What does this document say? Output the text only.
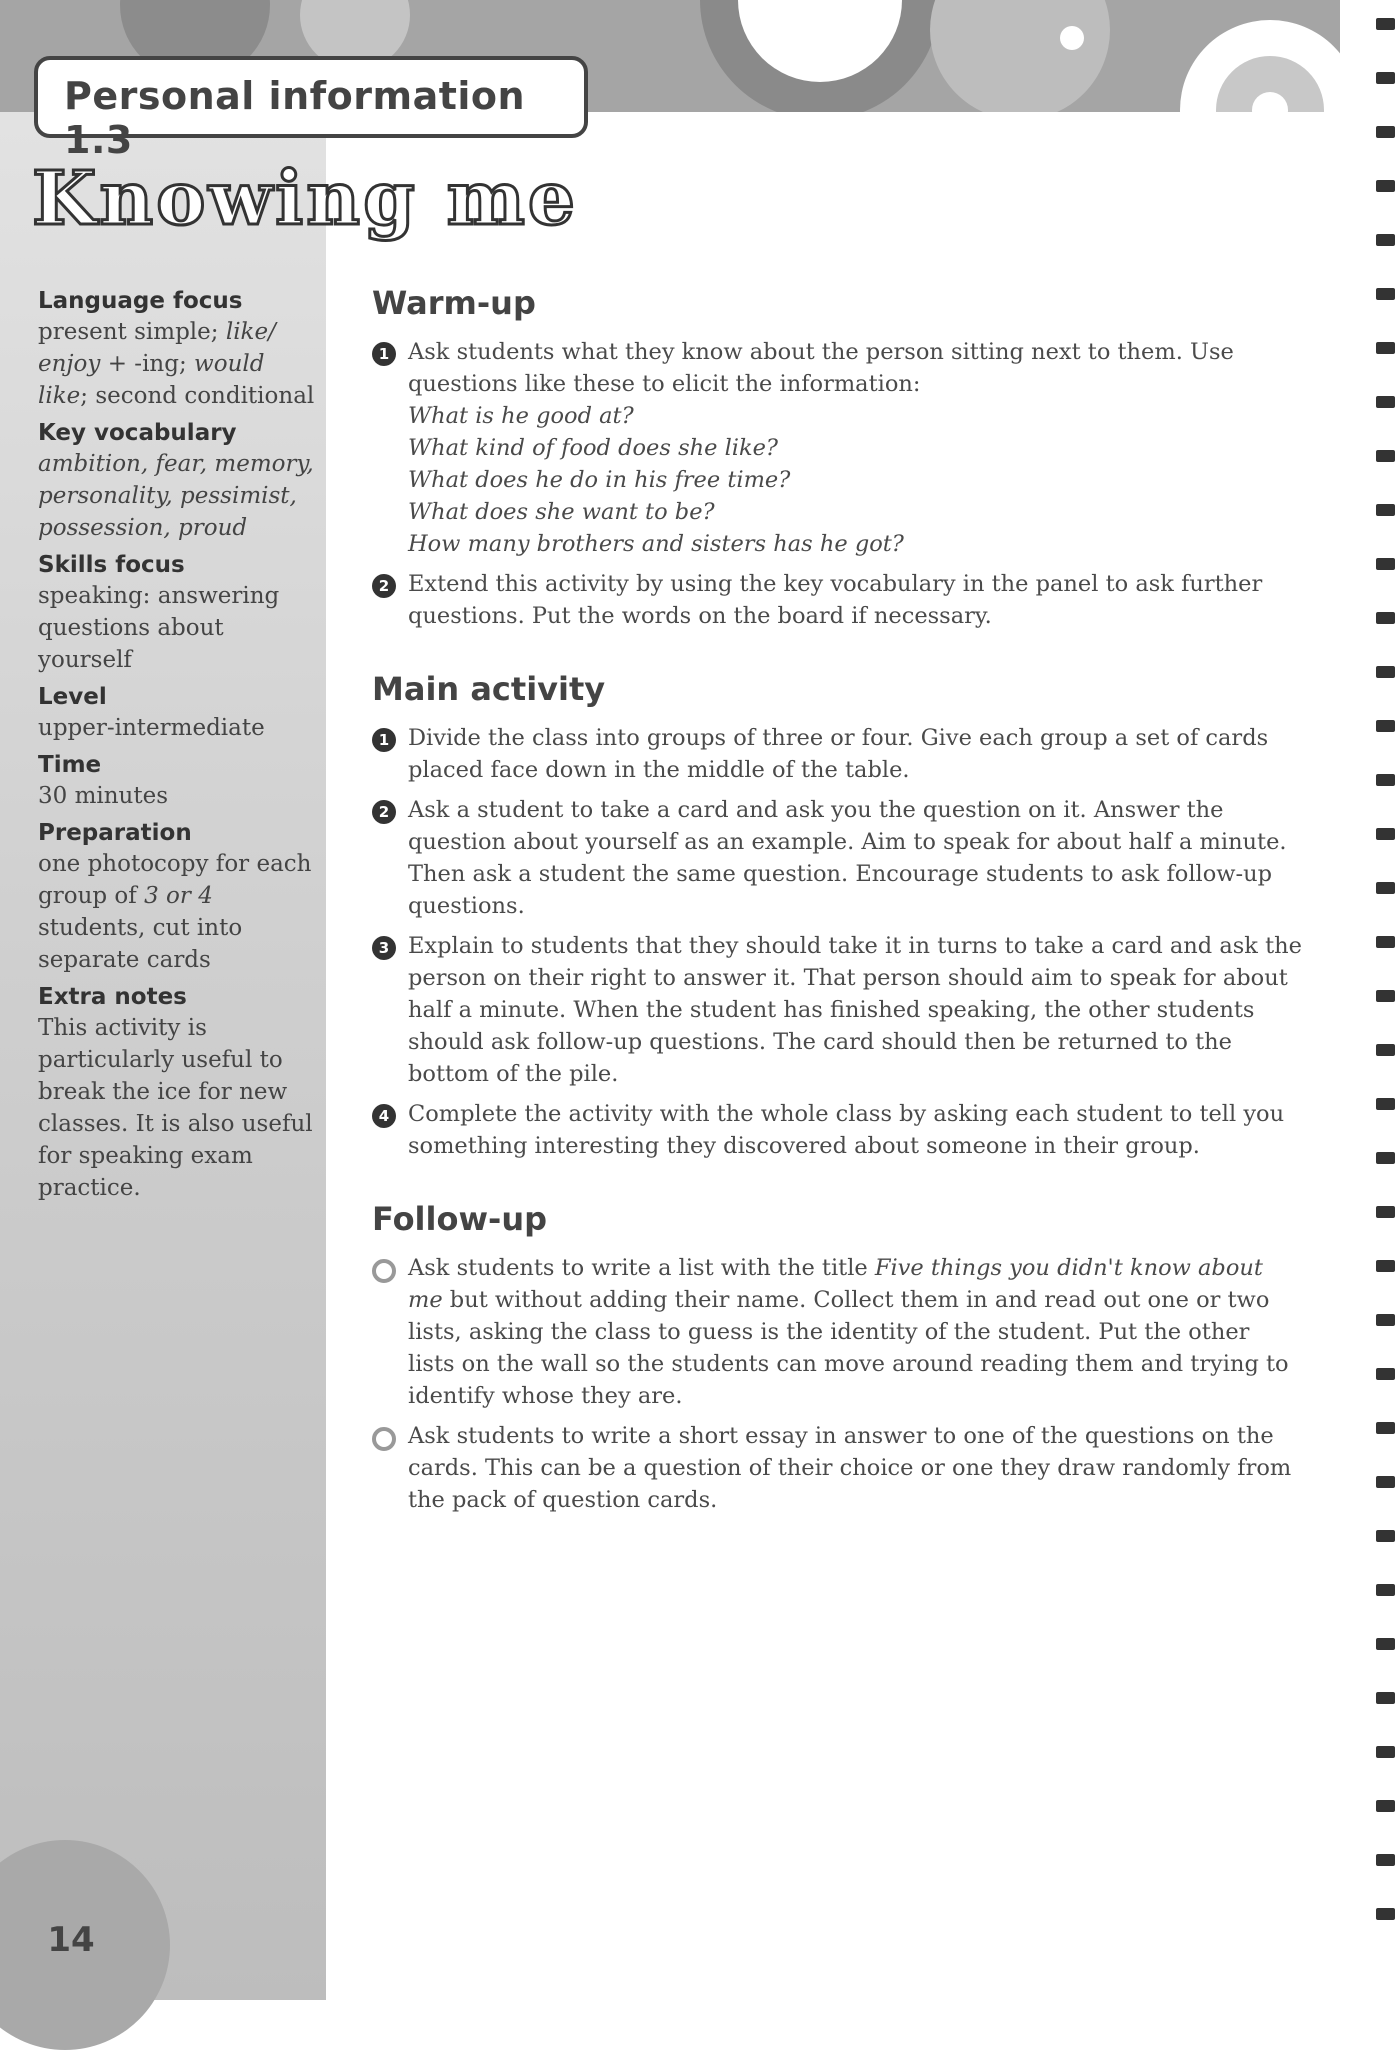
Personal information 1.3
Knowing me

Language focus

present simple; like/ enjoy + -ing; would like; second conditional

Key vocabulary

ambition, fear, memory, personality, pessimist, possession, proud

Skills focus

speaking: answering questions about yourself

Level

upper-intermediate

Time

30 minutes

Preparation

one photocopy for each group of 3 or 4 students, cut into separate cards

Extra notes

This activity is particularly useful to break the ice for new classes. It is also useful for speaking exam practice.

Warm-up
1 Ask students what they know about the person sitting next to them. Use questions like these to elicit the information:

What is he good at?

What kind of food does she like?

What does he do in his free time?

What does she want to be?

How many brothers and sisters has he got?

2 Extend this activity by using the key vocabulary in the panel to ask further questions. Put the words on the board if necessary.

Main activity
1 Divide the class into groups of three or four. Give each group a set of cards placed face down in the middle of the table.

2 Ask a student to take a card and ask you the question on it. Answer the question about yourself as an example. Aim to speak for about half a minute. Then ask a student the same question. Encourage students to ask follow-up questions.

3 Explain to students that they should take it in turns to take a card and ask the person on their right to answer it. That person should aim to speak for about half a minute. When the student has finished speaking, the other students should ask follow-up questions. The card should then be returned to the bottom of the pile.

4 Complete the activity with the whole class by asking each student to tell you something interesting they discovered about someone in their group.

Follow-up

Ask students to write a list with the title Five things you didn't know about me but without adding their name. Collect them in and read out one or two lists, asking the class to guess is the identity of the student. Put the other lists on the wall so the students can move around reading them and trying to identify whose they are.

Ask students to write a short essay in answer to one of the questions on the cards. This can be a question of their choice or one they draw randomly from the pack of question cards.

14
